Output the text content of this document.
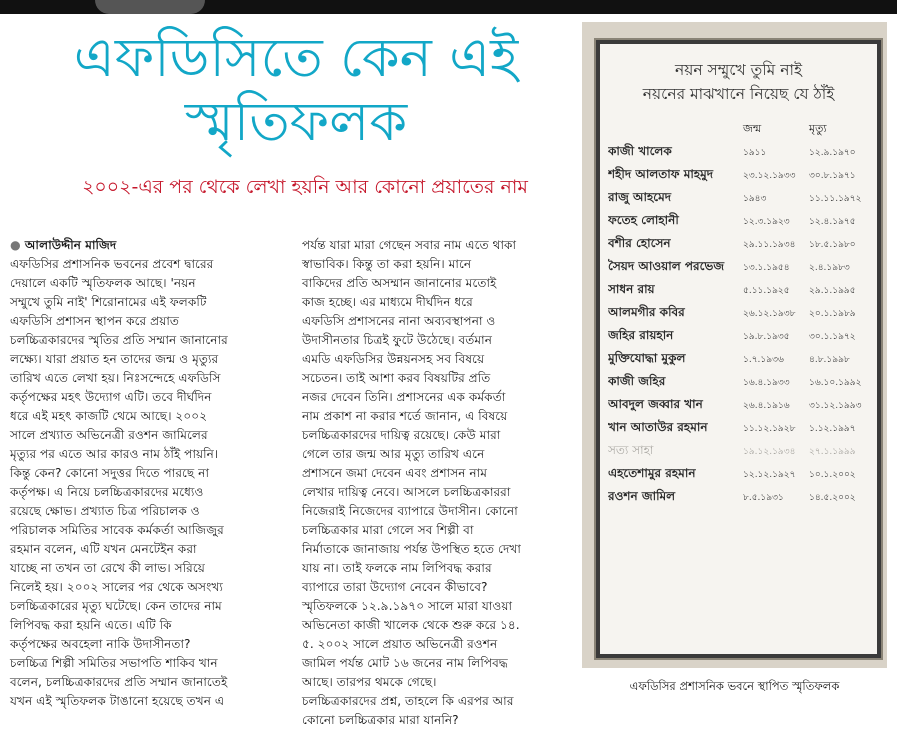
এফডিসিতে কেন এই
স্মৃতিফলক
২০০২-এর পর থেকে লেখা হয়নি আর কোনো প্রয়াতের নাম
● আলাউদ্দীন মাজিদ
এফডিসির প্রশাসনিক ভবনের প্রবেশ দ্বারের
দেয়ালে একটি স্মৃতিফলক আছে। 'নয়ন
সম্মুখে তুমি নাই' শিরোনামের এই ফলকটি
এফডিসি প্রশাসন স্থাপন করে প্রয়াত
চলচ্চিত্রকারদের স্মৃতির প্রতি সম্মান জানানোর
লক্ষ্যে। যারা প্রয়াত হন তাদের জন্ম ও মৃত্যুর
তারিখ এতে লেখা হয়। নিঃসন্দেহে এফডিসি
কর্তৃপক্ষের মহৎ উদ্যোগ এটি। তবে দীর্ঘদিন
ধরে এই মহৎ কাজটি থেমে আছে। ২০০২
সালে প্রখ্যাত অভিনেত্রী রওশন জামিলের
মৃত্যুর পর এতে আর কারও নাম ঠাঁই পায়নি।
কিন্তু কেন? কোনো সদুত্তর দিতে পারছে না
কর্তৃপক্ষ। এ নিয়ে চলচ্চিত্রকারদের মধ্যেও
রয়েছে ক্ষোভ। প্রখ্যাত চিত্র পরিচালক ও
পরিচালক সমিতির সাবেক কর্মকর্তা আজিজুর
রহমান বলেন, এটি যখন মেনটেইন করা
যাচ্ছে না তখন তা রেখে কী লাভ। সরিয়ে
নিলেই হয়। ২০০২ সালের পর থেকে অসংখ্য
চলচ্চিত্রকারের মৃত্যু ঘটেছে। কেন তাদের নাম
লিপিবদ্ধ করা হয়নি এতে। এটি কি
কর্তৃপক্ষের অবহেলা নাকি উদাসীনতা?
চলচ্চিত্র শিল্পী সমিতির সভাপতি শাকিব খান
বলেন, চলচ্চিত্রকারদের প্রতি সম্মান জানাতেই
যখন এই স্মৃতিফলক টাঙানো হয়েছে তখন এ
পর্যন্ত যারা মারা গেছেন সবার নাম এতে থাকা
স্বাভাবিক। কিন্তু তা করা হয়নি। মানে
বাকিদের প্রতি অসম্মান জানানোর মতোই
কাজ হচ্ছে। এর মাধ্যমে দীর্ঘদিন ধরে
এফডিসি প্রশাসনের নানা অব্যবস্থাপনা ও
উদাসীনতার চিত্রই ফুটে উঠেছে। বর্তমান
এমডি এফডিসির উন্নয়নসহ সব বিষয়ে
সচেতন। তাই আশা করব বিষয়টির প্রতি
নজর দেবেন তিনি। প্রশাসনের এক কর্মকর্তা
নাম প্রকাশ না করার শর্তে জানান, এ বিষয়ে
চলচ্চিত্রকারদের দায়িত্ব রয়েছে। কেউ মারা
গেলে তার জন্ম আর মৃত্যু তারিখ এনে
প্রশাসনে জমা দেবেন এবং প্রশাসন নাম
লেখার দায়িত্ব নেবে। আসলে চলচ্চিত্রকাররা
নিজেরাই নিজেদের ব্যাপারে উদাসীন। কোনো
চলচ্চিত্রকার মারা গেলে সব শিল্পী বা
নির্মাতাকে জানাজায় পর্যন্ত উপস্থিত হতে দেখা
যায় না। তাই ফলকে নাম লিপিবদ্ধ করার
ব্যাপারে তারা উদ্যোগ নেবেন কীভাবে?
স্মৃতিফলকে ১২.৯.১৯৭০ সালে মারা যাওয়া
অভিনেতা কাজী খালেক থেকে শুরু করে ১৪.
৫. ২০০২ সালে প্রয়াত অভিনেত্রী রওশন
জামিল পর্যন্ত মোট ১৬ জনের নাম লিপিবদ্ধ
আছে। তারপর থমকে গেছে।
চলচ্চিত্রকারদের প্রশ্ন, তাহলে কি এরপর আর
কোনো চলচ্চিত্রকার মারা যাননি?
নয়ন সম্মুখে তুমি নাই
নয়নের মাঝখানে নিয়েছ যে ঠাঁই
জন্ম	মৃত্যু
কাজী খালেক	১৯১১	১২.৯.১৯৭০
শহীদ আলতাফ মাহমুদ	২৩.১২.১৯৩৩	৩০.৮.১৯৭১
রাজু আহমেদ	১৯৪৩	১১.১১.১৯৭২
ফতেহ লোহানী	১২.৩.১৯২৩	১২.৪.১৯৭৫
বশীর হোসেন	২৯.১১.১৯৩৪	১৮.৫.১৯৮০
সৈয়দ আওয়াল পরভেজ	১৩.১.১৯৫৪	২.৪.১৯৮৩
সাধন রায়	৫.১১.১৯২৫	২৯.১.১৯৯৫
আলমগীর কবির	২৬.১২.১৯৩৮	২০.১.১৯৮৯
জহির রায়হান	১৯.৮.১৯৩৫	৩০.১.১৯৭২
মুক্তিযোদ্ধা মুকুল	১.৭.১৯৩৬	৪.৮.১৯৯৮
কাজী জহির	১৬.৪.১৯৩৩	১৬.১০.১৯৯২
আবদুল জব্বার খান	২৬.৪.১৯১৬	৩১.১২.১৯৯৩
খান আতাউর রহমান	১১.১২.১৯২৮	১.১২.১৯৯৭
সত্য সাহা	১৯.১২.১৯৩৪	২৭.১.১৯৯৯
এহতেশামুর রহমান	১২.১২.১৯২৭	১০.১.২০০২
রওশন জামিল	৮.৫.১৯৩১	১৪.৫.২০০২
এফডিসির প্রশাসনিক ভবনে স্থাপিত স্মৃতিফলক
